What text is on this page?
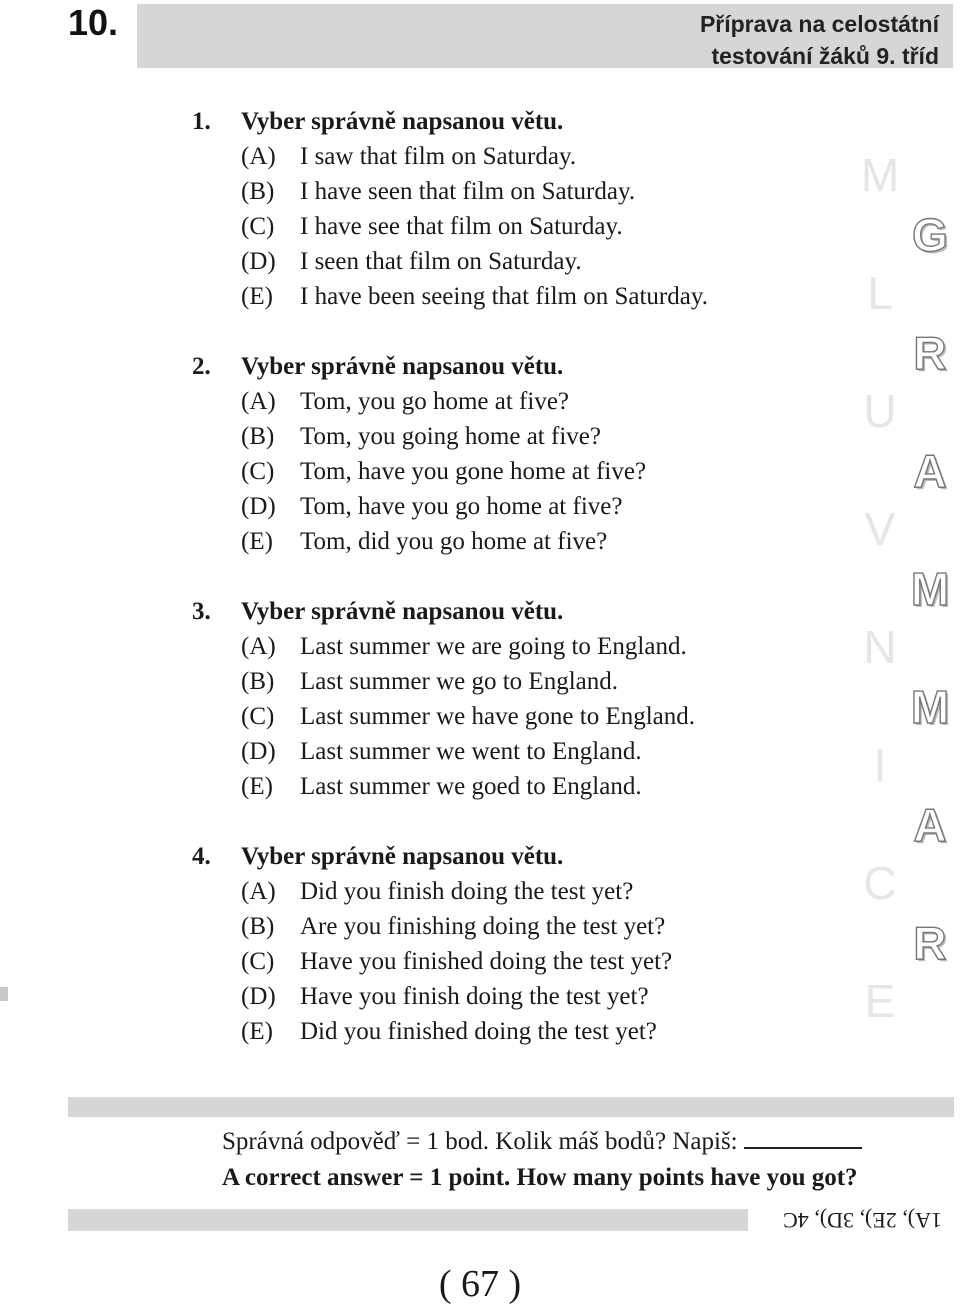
10.	Příprava na celostátní
testování žáků 9. tříd
1. Vyber správně napsanou větu.
(A) I saw that film on Saturday.
(B) I have seen that film on Saturday.
(C) I have see that film on Saturday.
(D) I seen that film on Saturday.
(E) I have been seeing that film on Saturday.
2. Vyber správně napsanou větu.
(A) Tom, you go home at five?
(B) Tom, you going home at five?
(C) Tom, have you gone home at five?
(D) Tom, have you go home at five?
(E) Tom, did you go home at five?
3. Vyber správně napsanou větu.
(A) Last summer we are going to England.
(B) Last summer we go to England.
(C) Last summer we have gone to England.
(D) Last summer we went to England.
(E) Last summer we goed to England.
4. Vyber správně napsanou větu.
(A) Did you finish doing the test yet?
(B) Are you finishing doing the test yet?
(C) Have you finished doing the test yet?
(D) Have you finish doing the test yet?
(E) Did you finished doing the test yet?
M
L
U
V
N
I
C
E
G
R
A
M
M
A
R
Správná odpověď = 1 bod. Kolik máš bodů? Napiš:
A correct answer = 1 point. How many points have you got?
1A), 2E), 3D), 4C
( 67 )
